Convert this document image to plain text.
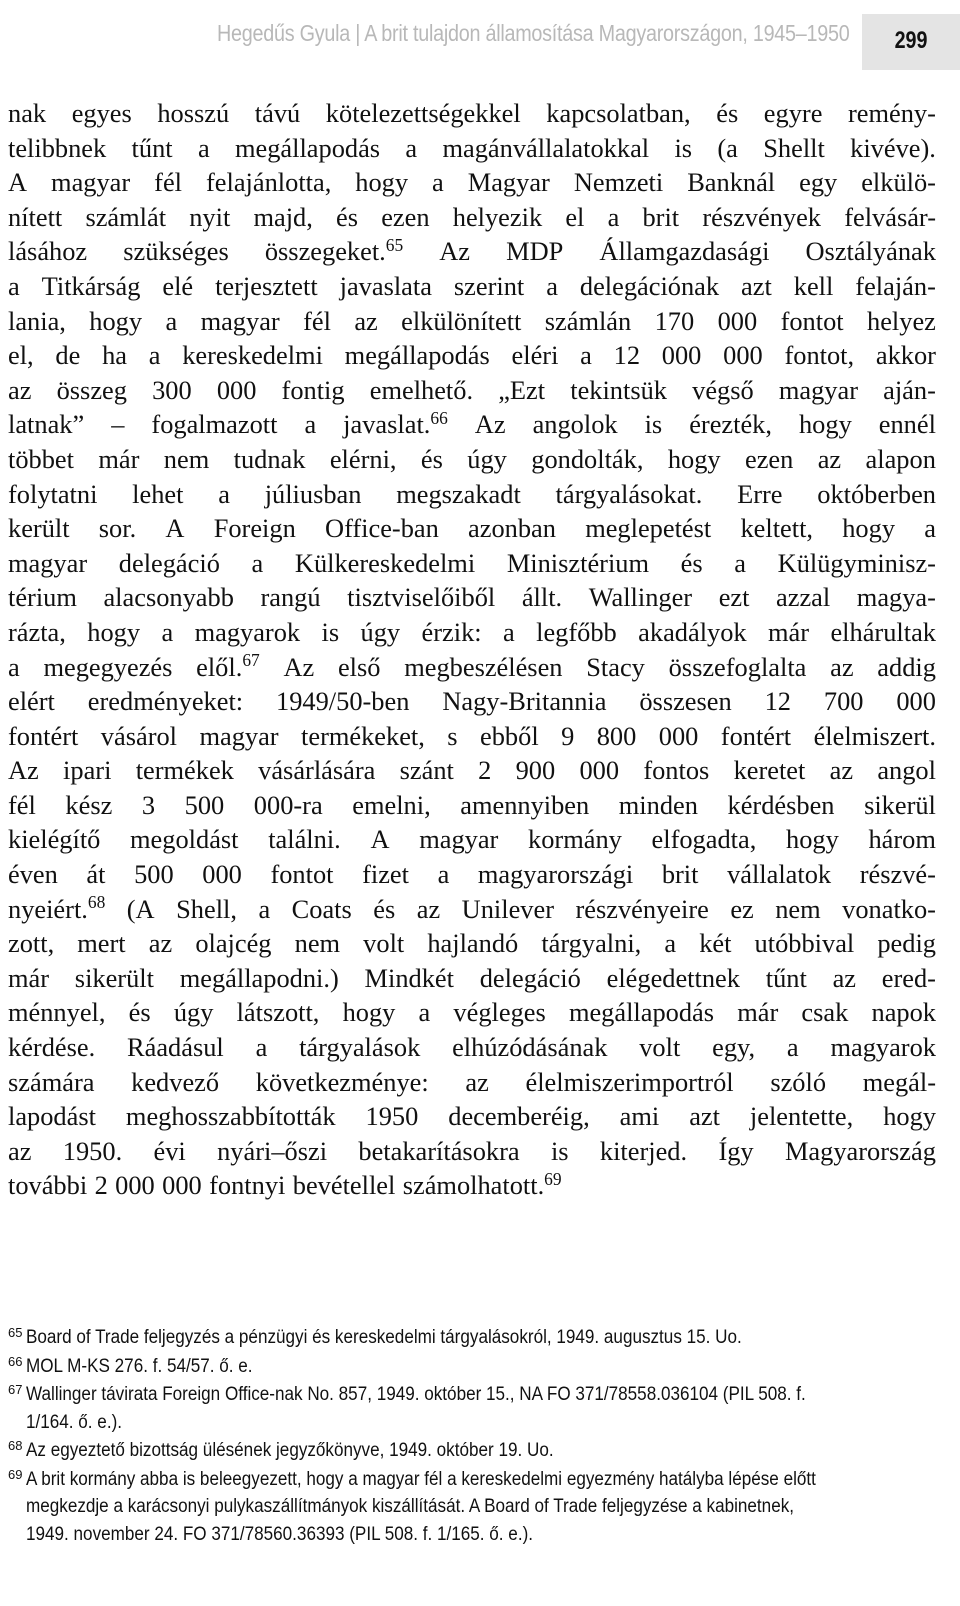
Hegedűs Gyula | A brit tulajdon államosítása Magyarországon, 1945–1950	299
nak egyes hosszú távú kötelezettségekkel kapcsolatban, és egyre remény-
telibbnek tűnt a megállapodás a magánvállalatokkal is (a Shellt kivéve).
A magyar fél felajánlotta, hogy a Magyar Nemzeti Banknál egy elkülö-
nített számlát nyit majd, és ezen helyezik el a brit részvények felvásár-
lásához szükséges összegeket.$^{65}$ Az MDP Államgazdasági Osztályának
a Titkárság elé terjesztett javaslata szerint a delegációnak azt kell felaján-
lania, hogy a magyar fél az elkülönített számlán 170 000 fontot helyez
el, de ha a kereskedelmi megállapodás eléri a 12 000 000 fontot, akkor
az összeg 300 000 fontig emelhető. „Ezt tekintsük végső magyar aján-
latnak” – fogalmazott a javaslat.$^{66}$ Az angolok is érezték, hogy ennél
többet már nem tudnak elérni, és úgy gondolták, hogy ezen az alapon
folytatni lehet a júliusban megszakadt tárgyalásokat. Erre októberben
került sor. A Foreign Office-ban azonban meglepetést keltett, hogy a
magyar delegáció a Külkereskedelmi Minisztérium és a Külügyminisz-
térium alacsonyabb rangú tisztviselőiből állt. Wallinger ezt azzal magya-
rázta, hogy a magyarok is úgy érzik: a legfőbb akadályok már elhárultak
a megegyezés elől.$^{67}$ Az első megbeszélésen Stacy összefoglalta az addig
elért eredményeket: 1949/50-ben Nagy-Britannia összesen 12 700 000
fontért vásárol magyar termékeket, s ebből 9 800 000 fontért élelmiszert.
Az ipari termékek vásárlására szánt 2 900 000 fontos keretet az angol
fél kész 3 500 000-ra emelni, amennyiben minden kérdésben sikerül
kielégítő megoldást találni. A magyar kormány elfogadta, hogy három
éven át 500 000 fontot fizet a magyarországi brit vállalatok részvé-
nyeiért.$^{68}$ (A Shell, a Coats és az Unilever részvényeire ez nem vonatko-
zott, mert az olajcég nem volt hajlandó tárgyalni, a két utóbbival pedig
már sikerült megállapodni.) Mindkét delegáció elégedettnek tűnt az ered-
ménnyel, és úgy látszott, hogy a végleges megállapodás már csak napok
kérdése. Ráadásul a tárgyalások elhúzódásának volt egy, a magyarok
számára kedvező következménye: az élelmiszerimportról szóló megál-
lapodást meghosszabbították 1950 decemberéig, ami azt jelentette, hogy
az 1950. évi nyári–őszi betakarításokra is kiterjed. Így Magyarország
további 2 000 000 fontnyi bevétellel számolhatott.$^{69}$
65 Board of Trade feljegyzés a pénzügyi és kereskedelmi tárgyalásokról, 1949. augusztus 15. Uo.
66 MOL M-KS 276. f. 54/57. ő. e.
67 Wallinger távirata Foreign Office-nak No. 857, 1949. október 15., NA FO 371/78558.036104 (PIL 508. f.
1/164. ő. e.).
68 Az egyeztető bizottság ülésének jegyzőkönyve, 1949. október 19. Uo.
69 A brit kormány abba is beleegyezett, hogy a magyar fél a kereskedelmi egyezmény hatályba lépése előtt
megkezdje a karácsonyi pulykaszállítmányok kiszállítását. A Board of Trade feljegyzése a kabinetnek,
1949. november 24. FO 371/78560.36393 (PIL 508. f. 1/165. ő. e.).
